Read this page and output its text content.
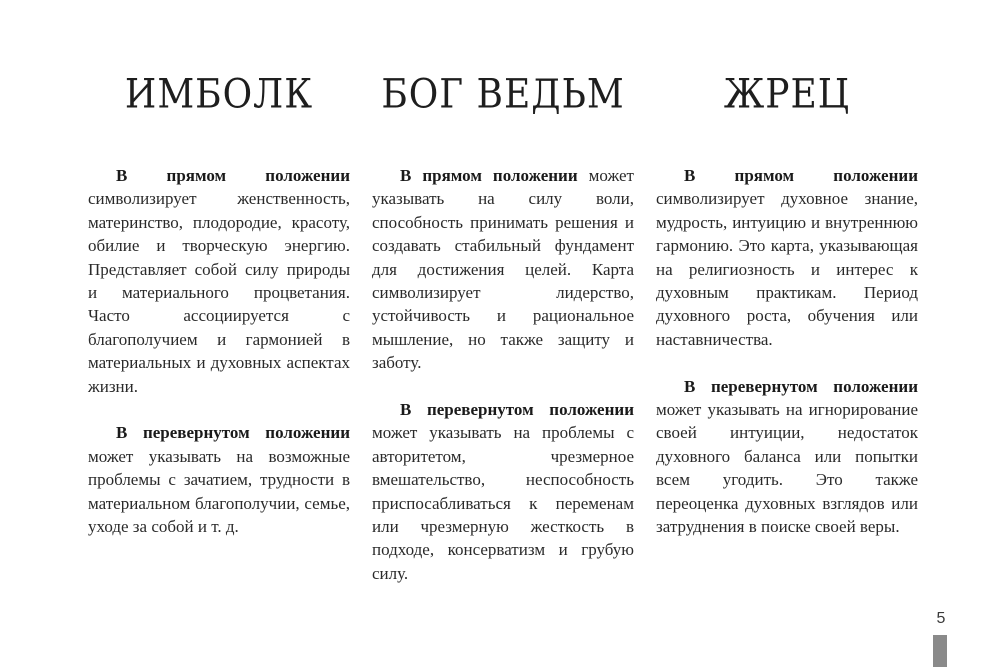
ИМБОЛК

В прямом положении символизирует женственность, материнство, плодородие, красоту, обилие и творческую энергию. Представляет собой силу природы и материального процветания. Часто ассоциируется с благополучием и гармонией в материальных и духовных аспектах жизни.

В перевернутом положении может указывать на возможные проблемы с зачатием, трудности в материальном благополучии, семье, уходе за собой и т. д.

БОГ ВЕДЬМ

В прямом положении может указывать на силу воли, способность принимать решения и создавать стабильный фундамент для достижения целей. Карта символизирует лидерство, устойчивость и рациональное мышление, но также защиту и заботу.

В перевернутом положении может указывать на проблемы с авторитетом, чрезмерное вмешательство, неспособность приспосабливаться к переменам или чрезмерную жесткость в подходе, консерватизм и грубую силу.

ЖРЕЦ

В прямом положении символизирует духовное знание, мудрость, интуицию и внутреннюю гармонию. Это карта, указывающая на религиозность и интерес к духовным практикам. Период духовного роста, обучения или наставничества.

В перевернутом положении может указывать на игнорирование своей интуиции, недостаток духовного баланса или попытки всем угодить. Это также переоценка духовных взглядов или затруднения в поиске своей веры.

5
